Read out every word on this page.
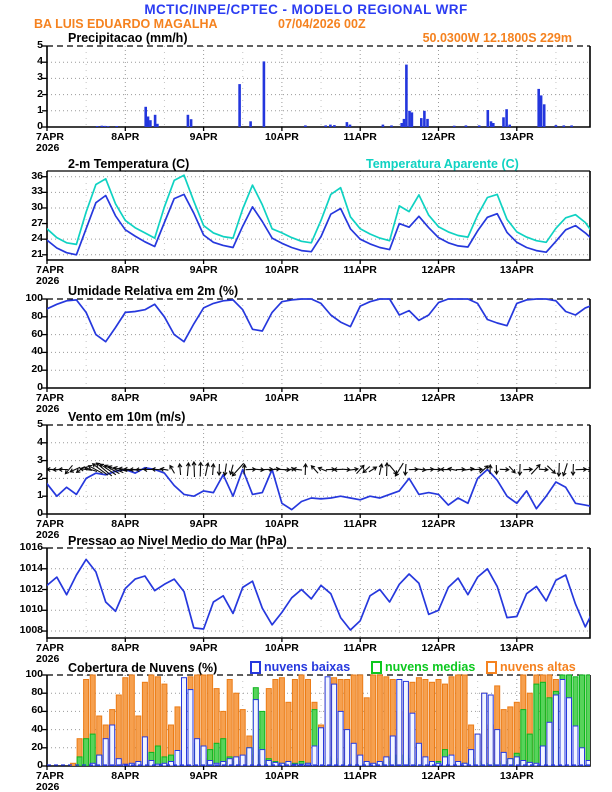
MCTIC/INPE/CPTEC - MODELO REGIONAL WRF
BA LUIS EDUARDO MAGALHA	07/04/2026 00Z
50.0300W 12.1800S 229m
7APR
2026
8APR	9APR	10APR	11APR	12APR	13APR
0
1
2
3
4
5
7APR
2026
8APR	9APR	10APR	11APR	12APR	13APR
21
24
27
30
33
36
7APR
2026
8APR	9APR	10APR	11APR	12APR	13APR
0
20
40
60
80
100
7APR
2026
8APR	9APR	10APR	11APR	12APR	13APR
0
1
2
3
4
5
7APR
2026
8APR	9APR	10APR	11APR	12APR	13APR
1008
1010
1012
1014
1016
7APR
2026
8APR	9APR	10APR	11APR	12APR	13APR
0
20
40
60
80
100
Precipitacao (mm/h)
2-m Temperatura (C)	Temperatura Aparente (C)
Umidade Relativa em 2m (%)
Vento em 10m (m/s)
Pressao ao Nivel Medio do Mar (hPa)
Cobertura de Nuvens (%)	nuvens baixas	nuvens medias nuvens altas
